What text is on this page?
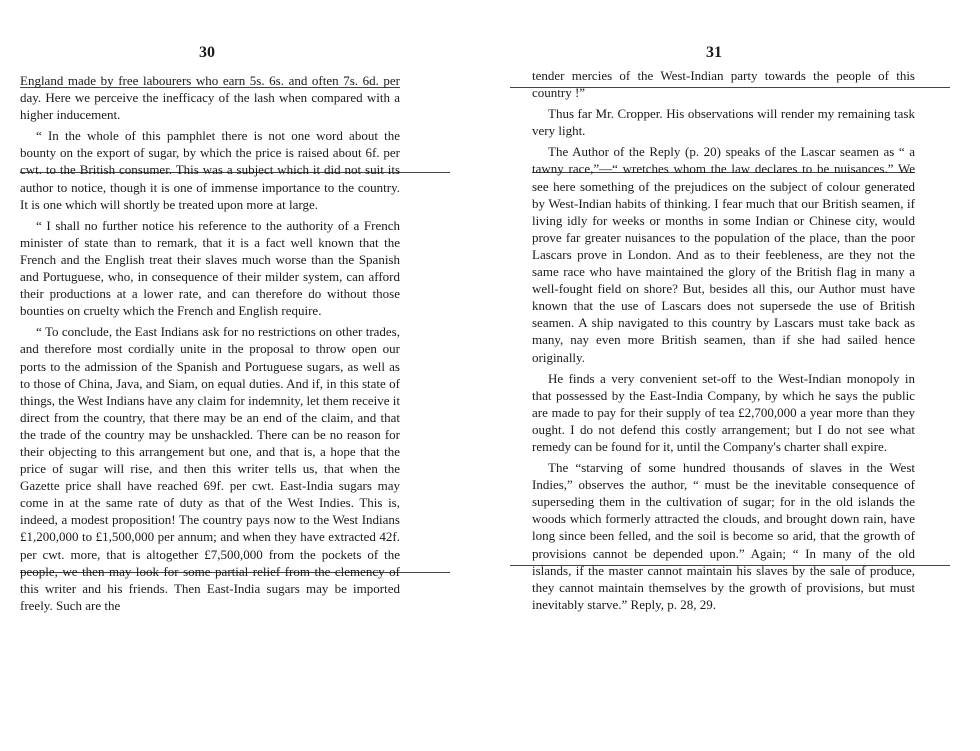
30

England made by free labourers who earn 5s. 6s. and often 7s. 6d. per day. Here we perceive the inefficacy of the lash when compared with a higher inducement.

“ In the whole of this pamphlet there is not one word about the bounty on the export of sugar, by which the price is raised about 6f. per cwt. to the British consumer. This was a subject which it did not suit its author to notice, though it is one of immense importance to the country. It is one which will shortly be treated upon more at large.

“ I shall no further notice his reference to the authority of a French minister of state than to remark, that it is a fact well known that the French and the English treat their slaves much worse than the Spanish and Portuguese, who, in consequence of their milder system, can afford their productions at a lower rate, and can therefore do without those bounties on cruelty which the French and English require.

“ To conclude, the East Indians ask for no restrictions on other trades, and therefore most cordially unite in the proposal to throw open our ports to the admission of the Spanish and Portuguese sugars, as well as to those of China, Java, and Siam, on equal duties. And if, in this state of things, the West Indians have any claim for indemnity, let them receive it direct from the country, that there may be an end of the claim, and that the trade of the country may be unshackled. There can be no reason for their objecting to this arrangement but one, and that is, a hope that the price of sugar will rise, and then this writer tells us, that when the Gazette price shall have reached 69f. per cwt. East-India sugars may come in at the same rate of duty as that of the West Indies. This is, indeed, a modest proposition! The country pays now to the West Indians £1,200,000 to £1,500,000 per annum; and when they have extracted 42f. per cwt. more, that is altogether £7,500,000 from the pockets of the people, we then may look for some partial relief from the clemency of this writer and his friends. Then East-India sugars may be imported freely. Such are the

31

tender mercies of the West-Indian party towards the people of this country !”

Thus far Mr. Cropper. His observations will render my remaining task very light.

The Author of the Reply (p. 20) speaks of the Lascar seamen as “ a tawny race,”—“ wretches whom the law declares to be nuisances.” We see here something of the prejudices on the subject of colour generated by West-Indian habits of thinking. I fear much that our British seamen, if living idly for weeks or months in some Indian or Chinese city, would prove far greater nuisances to the population of the place, than the poor Lascars prove in London. And as to their feebleness, are they not the same race who have maintained the glory of the British flag in many a well-fought field on shore? But, besides all this, our Author must have known that the use of Lascars does not supersede the use of British seamen. A ship navigated to this country by Lascars must take back as many, nay even more British seamen, than if she had sailed hence originally.

He finds a very convenient set-off to the West-Indian monopoly in that possessed by the East-India Company, by which he says the public are made to pay for their supply of tea £2,700,000 a year more than they ought. I do not defend this costly arrangement; but I do not see what remedy can be found for it, until the Company's charter shall expire.

The “starving of some hundred thousands of slaves in the West Indies,” observes the author, “ must be the inevitable consequence of superseding them in the cultivation of sugar; for in the old islands the woods which formerly attracted the clouds, and brought down rain, have long since been felled, and the soil is become so arid, that the growth of provisions cannot be depended upon.” Again; “ In many of the old islands, if the master cannot maintain his slaves by the sale of produce, they cannot maintain themselves by the growth of provisions, but must inevitably starve.” Reply, p. 28, 29.
